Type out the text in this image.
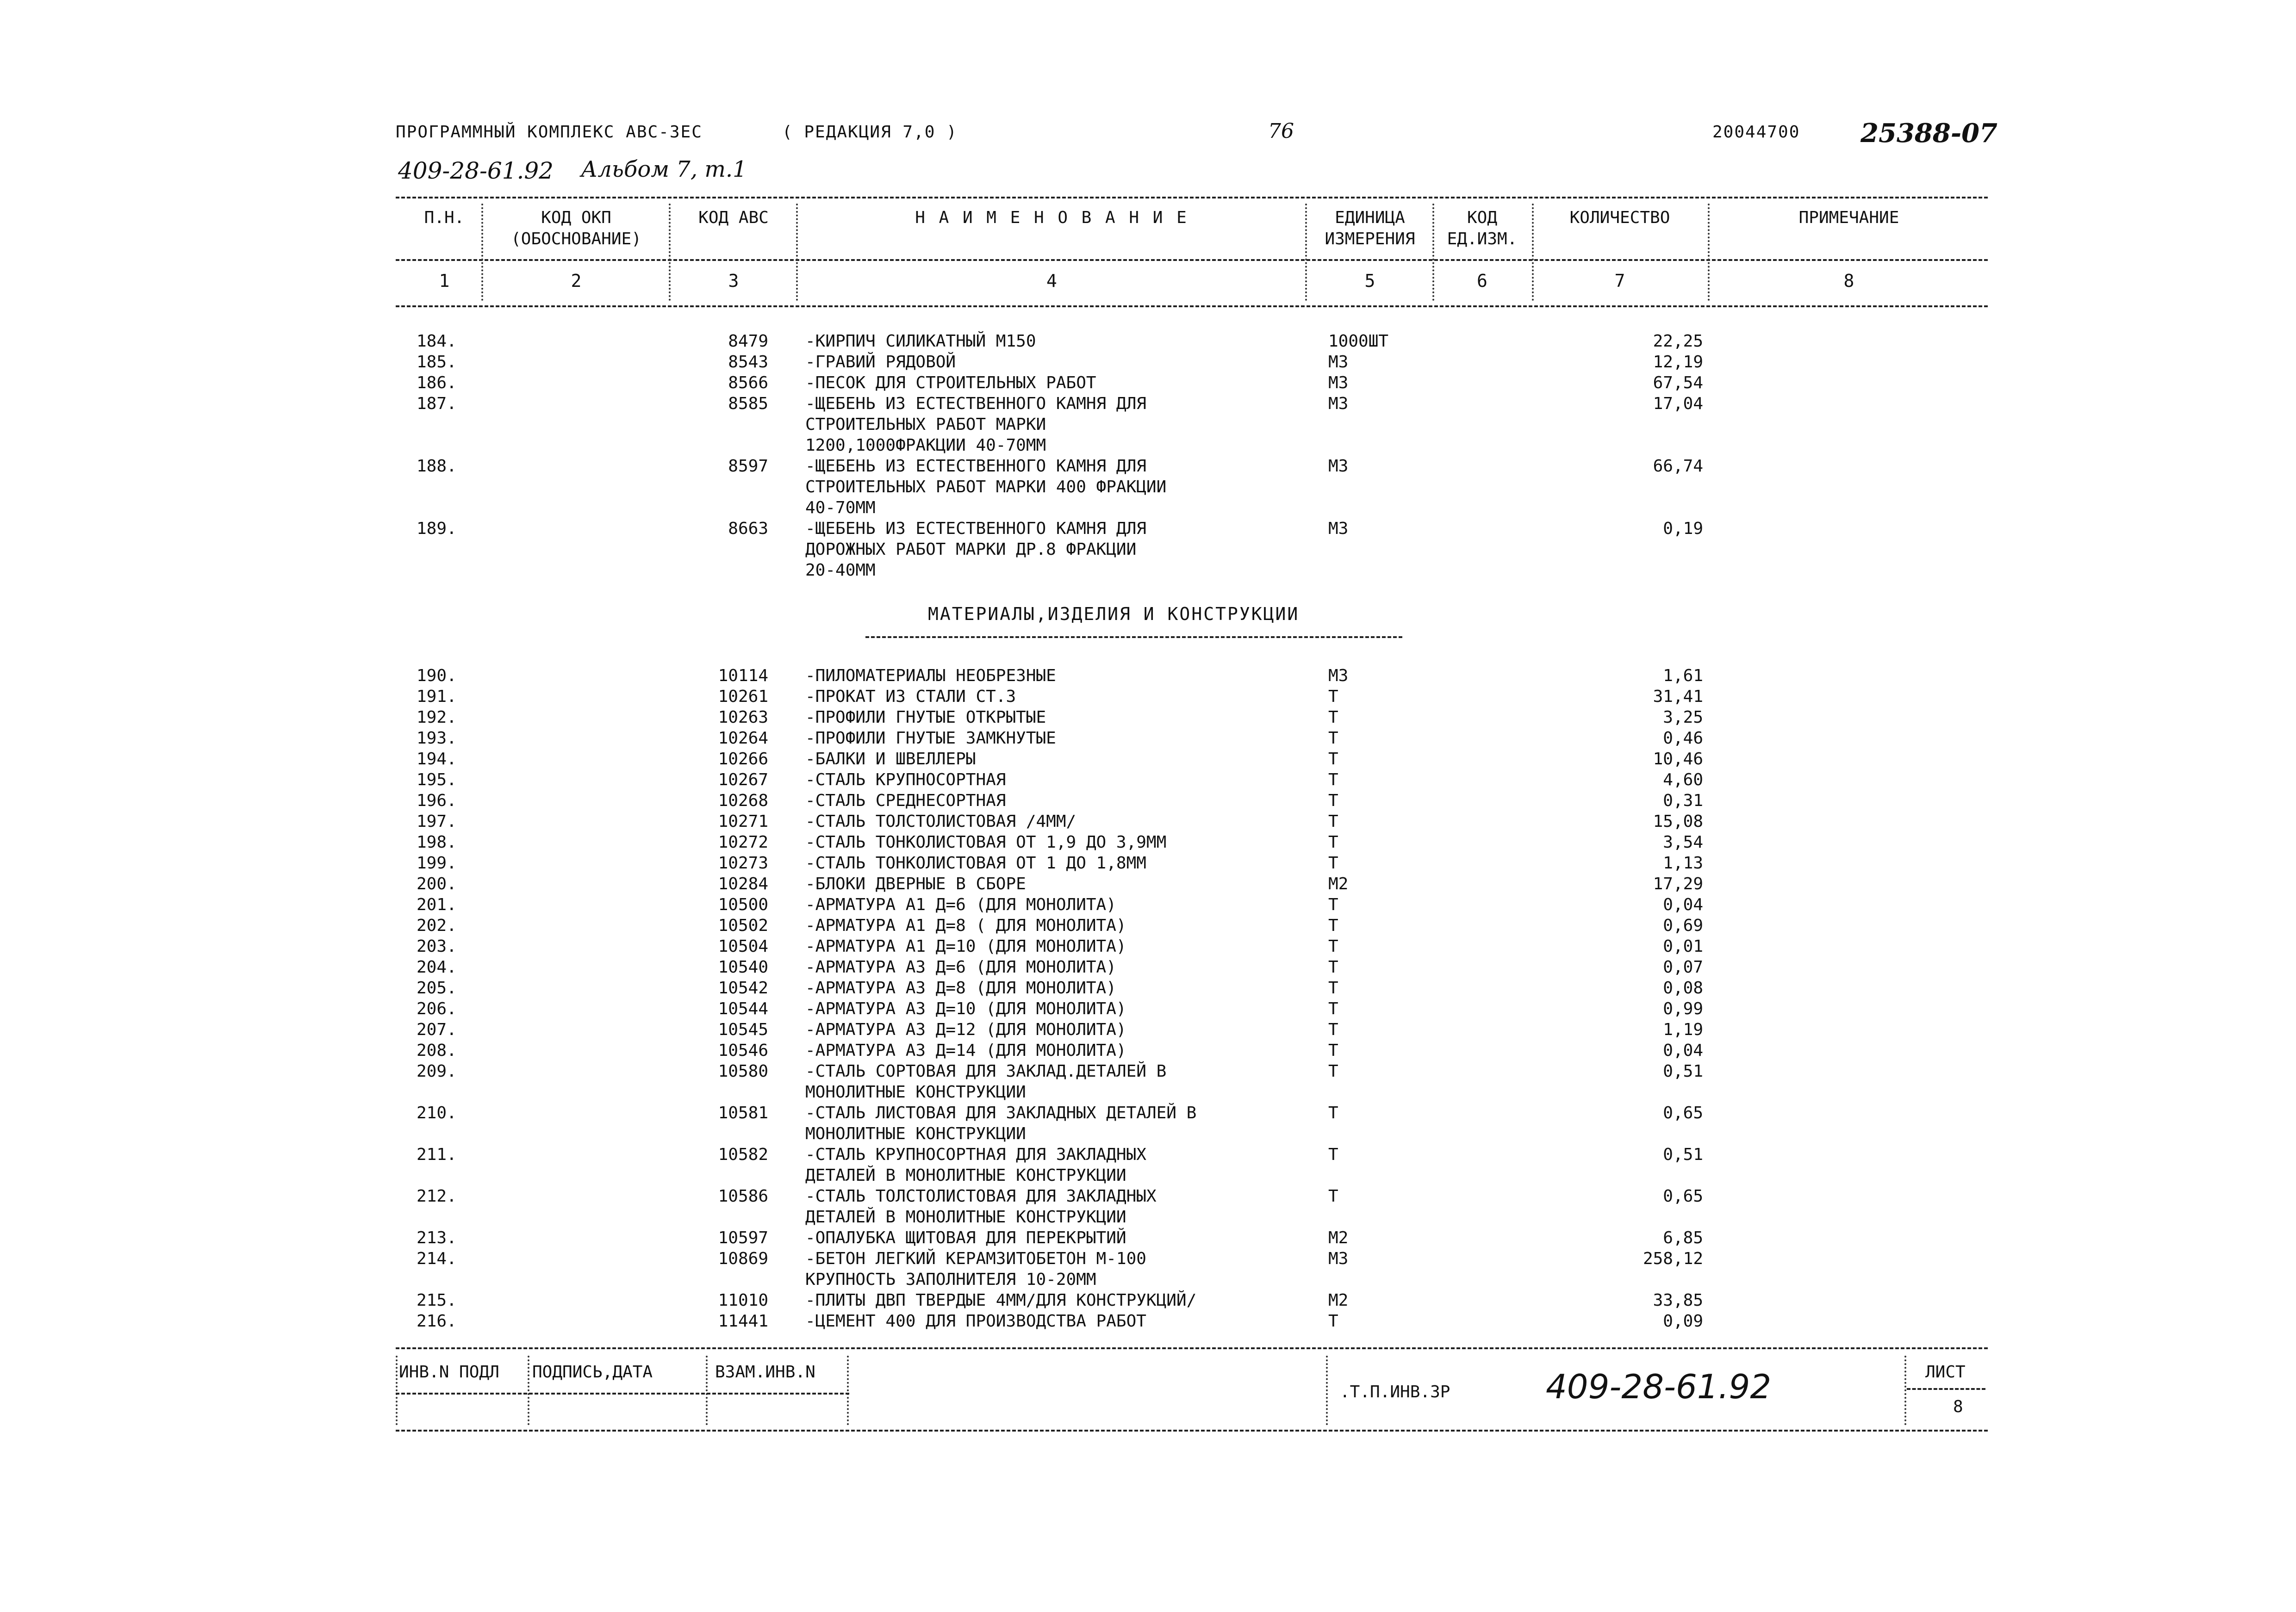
ПРОГРАММНЫЙ КОМПЛЕКС АВС-ЗЕС	( РЕДАКЦИЯ 7,0 )	76	20044700 25388-07
409-28-61.92 Альбом 7, т.1
П.Н.	КОД ОКП
(ОБОСНОВАНИЕ)
КОД АВС	Н А И М Е Н О В А Н И Е	ЕДИНИЦА
ИЗМЕРЕНИЯ
КОД
ЕД.ИЗМ.
КОЛИЧЕСТВО	ПРИМЕЧАНИЕ
1	2	3	4	5	6	7	8
184.	8479 -КИРПИЧ СИЛИКАТНЫЙ М150	1000ШТ	22,25
185.	8543 -ГРАВИЙ РЯДОВОЙ	М3	12,19
186.	8566 -ПЕСОК ДЛЯ СТРОИТЕЛЬНЫХ РАБОТ	М3	67,54
187.	8585 -ЩЕБЕНЬ ИЗ ЕСТЕСТВЕННОГО КАМНЯ ДЛЯ
СТРОИТЕЛЬНЫХ РАБОТ МАРКИ
1200,1000ФРАКЦИИ 40-70ММ
М3	17,04
188.	8597 -ЩЕБЕНЬ ИЗ ЕСТЕСТВЕННОГО КАМНЯ ДЛЯ
СТРОИТЕЛЬНЫХ РАБОТ МАРКИ 400 ФРАКЦИИ
40-70ММ
М3	66,74
189.	8663 -ЩЕБЕНЬ ИЗ ЕСТЕСТВЕННОГО КАМНЯ ДЛЯ
ДОРОЖНЫХ РАБОТ МАРКИ ДР.8 ФРАКЦИИ
20-40ММ
М3	0,19
МАТЕРИАЛЫ,ИЗДЕЛИЯ И КОНСТРУКЦИИ
190.	10114 -ПИЛОМАТЕРИАЛЫ НЕОБРЕЗНЫЕ	М3	1,61
191.	10261 -ПРОКАТ ИЗ СТАЛИ СТ.3	Т	31,41
192.	10263 -ПРОФИЛИ ГНУТЫЕ ОТКРЫТЫЕ	Т	3,25
193.	10264 -ПРОФИЛИ ГНУТЫЕ ЗАМКНУТЫЕ	Т	0,46
194.	10266 -БАЛКИ И ШВЕЛЛЕРЫ	Т	10,46
195.	10267 -СТАЛЬ КРУПНОСОРТНАЯ	Т	4,60
196.	10268 -СТАЛЬ СРЕДНЕСОРТНАЯ	Т	0,31
197.	10271 -СТАЛЬ ТОЛСТОЛИСТОВАЯ /4ММ/	Т	15,08
198.	10272 -СТАЛЬ ТОНКОЛИСТОВАЯ ОТ 1,9 ДО 3,9ММ	Т	3,54
199.	10273 -СТАЛЬ ТОНКОЛИСТОВАЯ ОТ 1 ДО 1,8ММ	Т	1,13
200.	10284 -БЛОКИ ДВЕРНЫЕ В СБОРЕ	М2	17,29
201.	10500 -АРМАТУРА А1 Д=6 (ДЛЯ МОНОЛИТА)	Т	0,04
202.	10502 -АРМАТУРА А1 Д=8 ( ДЛЯ МОНОЛИТА)	Т	0,69
203.	10504 -АРМАТУРА А1 Д=10 (ДЛЯ МОНОЛИТА)	Т	0,01
204.	10540 -АРМАТУРА А3 Д=6 (ДЛЯ МОНОЛИТА)	Т	0,07
205.	10542 -АРМАТУРА А3 Д=8 (ДЛЯ МОНОЛИТА)	Т	0,08
206.	10544 -АРМАТУРА А3 Д=10 (ДЛЯ МОНОЛИТА)	Т	0,99
207.	10545 -АРМАТУРА А3 Д=12 (ДЛЯ МОНОЛИТА)	Т	1,19
208.	10546 -АРМАТУРА А3 Д=14 (ДЛЯ МОНОЛИТА)	Т	0,04
209.	10580 -СТАЛЬ СОРТОВАЯ ДЛЯ ЗАКЛАД.ДЕТАЛЕЙ В
МОНОЛИТНЫЕ КОНСТРУКЦИИ
Т	0,51
210.	10581 -СТАЛЬ ЛИСТОВАЯ ДЛЯ ЗАКЛАДНЫХ ДЕТАЛЕЙ В
МОНОЛИТНЫЕ КОНСТРУКЦИИ
Т	0,65
211.	10582 -СТАЛЬ КРУПНОСОРТНАЯ ДЛЯ ЗАКЛАДНЫХ
ДЕТАЛЕЙ В МОНОЛИТНЫЕ КОНСТРУКЦИИ
Т	0,51
212.	10586 -СТАЛЬ ТОЛСТОЛИСТОВАЯ ДЛЯ ЗАКЛАДНЫХ
ДЕТАЛЕЙ В МОНОЛИТНЫЕ КОНСТРУКЦИИ
Т	0,65
213.	10597 -ОПАЛУБКА ЩИТОВАЯ ДЛЯ ПЕРЕКРЫТИЙ	М2	6,85
214.	10869 -БЕТОН ЛЕГКИЙ КЕРАМЗИТОБЕТОН М-100
КРУПНОСТЬ ЗАПОЛНИТЕЛЯ 10-20ММ
М3	258,12
215.	11010 -ПЛИТЫ ДВП ТВЕРДЫЕ 4ММ/ДЛЯ КОНСТРУКЦИЙ/	М2	33,85
216.	11441 -ЦЕМЕНТ 400 ДЛЯ ПРОИЗВОДСТВА РАБОТ	Т	0,09
ИНВ.N ПОДЛ ПОДПИСЬ,ДАТА	ВЗАМ.ИНВ.N
.Т.П.ИНВ.ЗР	409-28-61.92	ЛИСТ
8
